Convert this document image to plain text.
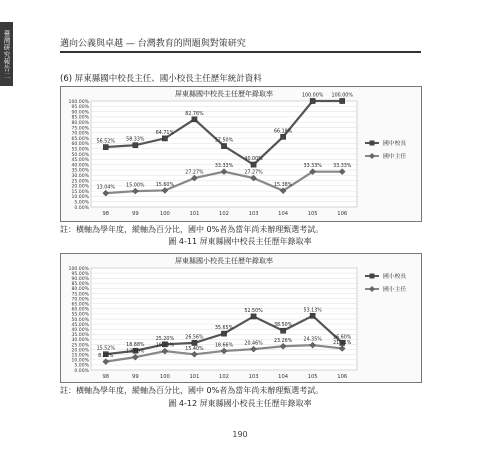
臺灣研究報告二	邁向公義與卓越 — 台灣教育的問題與對策研究
(6) 屏東縣國中校長主任、國小校長主任歷年統計資料
屏東縣國中校長主任歷年錄取率
0.00%
5.00%
10.00%
15.00%
20.00%
25.00%
30.00%
35.00%
40.00%
45.00%
50.00%
55.00%
60.00%
65.00%
70.00%
75.00%
80.00%
85.00%
90.00%
95.00%
100.00%
98	99	100	101	102	103	104	105	106
56.52% 58.33%
64.71%
82.76%
57.50%
40.00%
66.18%
100.00% 100.00%
國中校長
13.04% 15.00% 15.60%
27.27%
33.33%
27.27%
15.38%
33.33% 33.33%
國中主任
註：橫軸為學年度，縱軸為百分比，國中 0%者為當年尚未辦理甄選考試。
圖 4-11 屏東縣國中校長主任歷年錄取率
屏東縣國小校長主任歷年錄取率
0.00%
5.00%
10.00%
15.00%
20.00%
25.00%
30.00%
35.00%
40.00%
45.00%
50.00%
55.00%
60.00%
65.00%
70.00%
75.00%
80.00%
85.00%
90.00%
95.00%
100.00%
98	99	100	101	102	103	104	105	106
15.52%
18.88%
25.20% 26.56%
35.65%
52.50%
38.50%
53.13%
26.60%
國小校長
8.20%
12.60%
18.50%
15.40%
18.66% 20.46%
23.26% 24.35%
21.11%
國小主任
註：橫軸為學年度，縱軸為百分比，國中 0%者為當年尚未辦理甄選考試。
圖 4-12 屏東縣國小校長主任歷年錄取率
190
